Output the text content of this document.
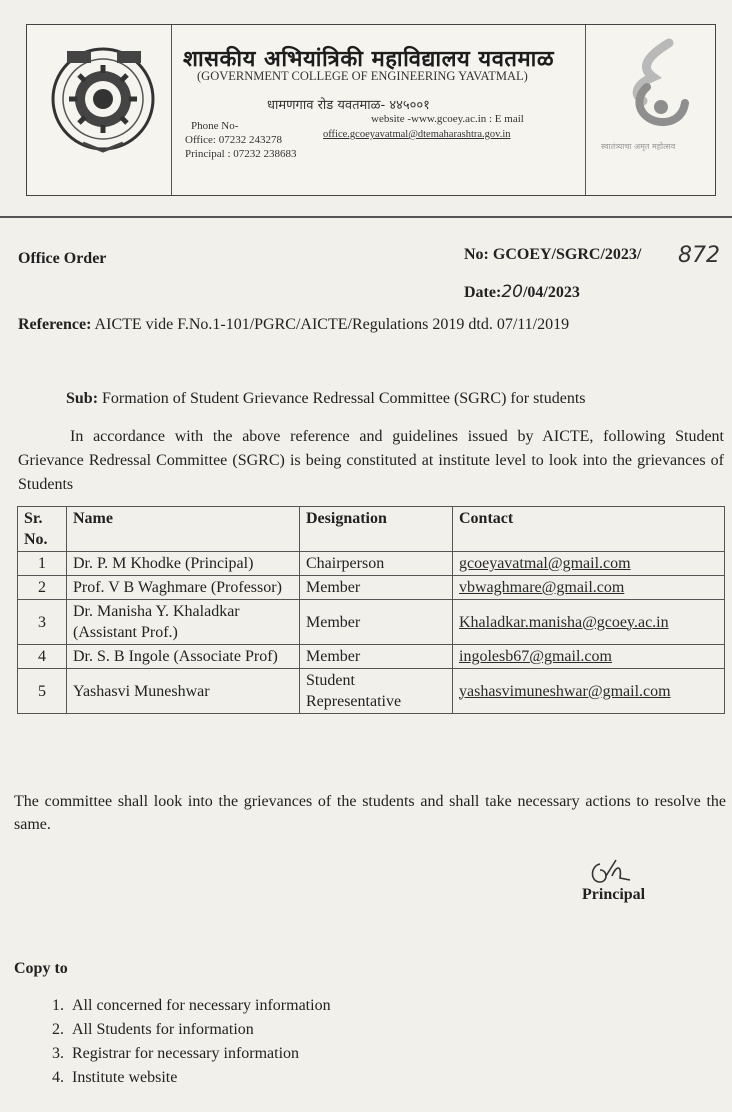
शासकीय अभियांत्रिकी महाविद्यालय यवतमाळ
(GOVERNMENT COLLEGE OF ENGINEERING YAVATMAL)
धामणगाव रोड यवतमाळ- ४४५००१
Phone No-
Office: 07232 243278
Principal : 07232 238683
website -www.gcoey.ac.in : E mail
office.gcoeyavatmal@dtemaharashtra.gov.in
स्वातंत्र्याचा अमृत महोत्सव
Office Order	No: GCOEY/SGRC/2023/ 872
Date:20/04/2023
Reference: AICTE vide F.No.1-101/PGRC/AICTE/Regulations 2019 dtd. 07/11/2019
Sub: Formation of Student Grievance Redressal Committee (SGRC) for students
In accordance with the above reference and guidelines issued by AICTE, following Student Grievance Redressal Committee (SGRC) is being constituted at institute level to look into the grievances of Students
Sr. No.	Name	Designation	Contact
1	Dr. P. M Khodke (Principal)	Chairperson	gcoeyavatmal@gmail.com
2	Prof. V B Waghmare (Professor)	Member	vbwaghmare@gmail.com
3	Dr. Manisha Y. Khaladkar (Assistant Prof.)	Member	Khaladkar.manisha@gcoey.ac.in
4	Dr. S. B Ingole (Associate Prof)	Member	ingolesb67@gmail.com
5	Yashasvi Muneshwar	Student Representative	yashasvimuneshwar@gmail.com
The committee shall look into the grievances of the students and shall take necessary actions to resolve the same.
Principal
Copy to
1. All concerned for necessary information
2. All Students for information
3. Registrar for necessary information
4. Institute website
